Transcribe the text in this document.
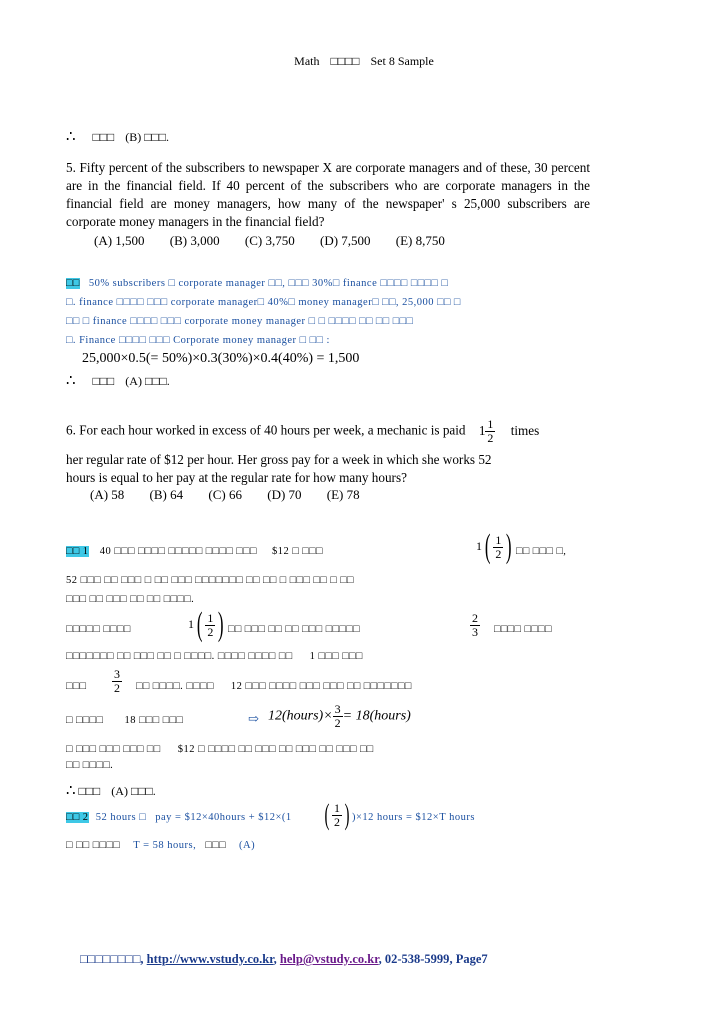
Math □□□□ Set 8 Sample
∴ □□□ (B) □□□.
5. Fifty percent of the subscribers to newspaper X are corporate managers and of these, 30 percent are in the financial field. If 40 percent of the subscribers who are corporate managers in the financial field are money managers, how many of the newspaper' s 25,000 subscribers are corporate money managers in the financial field?
(A) 1,500 (B) 3,000 (C) 3,750 (D) 7,500 (E) 8,750
□□ 50% subscribers □ corporate manager □□, □□□ 30%□ finance □□□□ □□□□ □
□. finance □□□□ □□□ corporate manager□ 40%□ money manager□ □□, 25,000 □□ □
□□ □ finance □□□□ □□□ corporate money manager □ □ □□□□ □□ □□ □□□
□. Finance □□□□ □□□ Corporate money manager □ □□ :
25,000×0.5(= 50%)×0.3(30%)×0.4(40%) = 1,500
∴ □□□ (A) □□□.
6. For each hour worked in excess of 40 hours per week, a mechanic is paid $1 \frac{1}{2}$ times
her regular rate of $12 per hour. Her gross pay for a week in which she works 52
hours is equal to her pay at the regular rate for how many hours?
(A) 58 (B) 64 (C) 66 (D) 70 (E) 78
□□ 1 40 □□□ □□□□ □□□□□ □□□□ □□□ $12 □ □□□	$1( \frac{1}{2}$ ) □□ □□□ □,
52 □□□ □□ □□□ □ □□ □□□ □□□□□□□ □□ □□ □ □□□ □□ □ □□
□□□ □□ □□□ □□ □□ □□□□.
□□□□□ □□□□	$1( \frac{1}{2}$ ) □□ □□□ □□ □□ □□□ □□□□□	$\frac{2}{3}$ □□□□ □□□□
□□□□□□□ □□ □□□ □□ □ □□□□. □□□□ □□□□ □□ 1 □□□ □□□
□□□ $\frac{3}{2}$ □□ □□□□. □□□□ 12 □□□ □□□□ □□□ □□□ □□ □□□□□□□
□ □□□□ 18 □□□ □□□	⇨ 12(hours)× $\frac{3}{2}$ = 18(hours)
□ □□□ □□□ □□□ □□ $12 □ □□□□ □□ □□□ □□ □□□ □□ □□□ □□
□□ □□□□.
∴ □□□ (A) □□□.
□□ 2 52 hours □ pay = $12×40hours + $12×(1 ( $\frac{1}{2}$ ) )×12 hours = $12×T hours
□ □□ □□□□ T = 58 hours, □□□ (A)
□□□□□□□□, http://www.vstudy.co.kr, help@vstudy.co.kr, 02-538-5999, Page7
